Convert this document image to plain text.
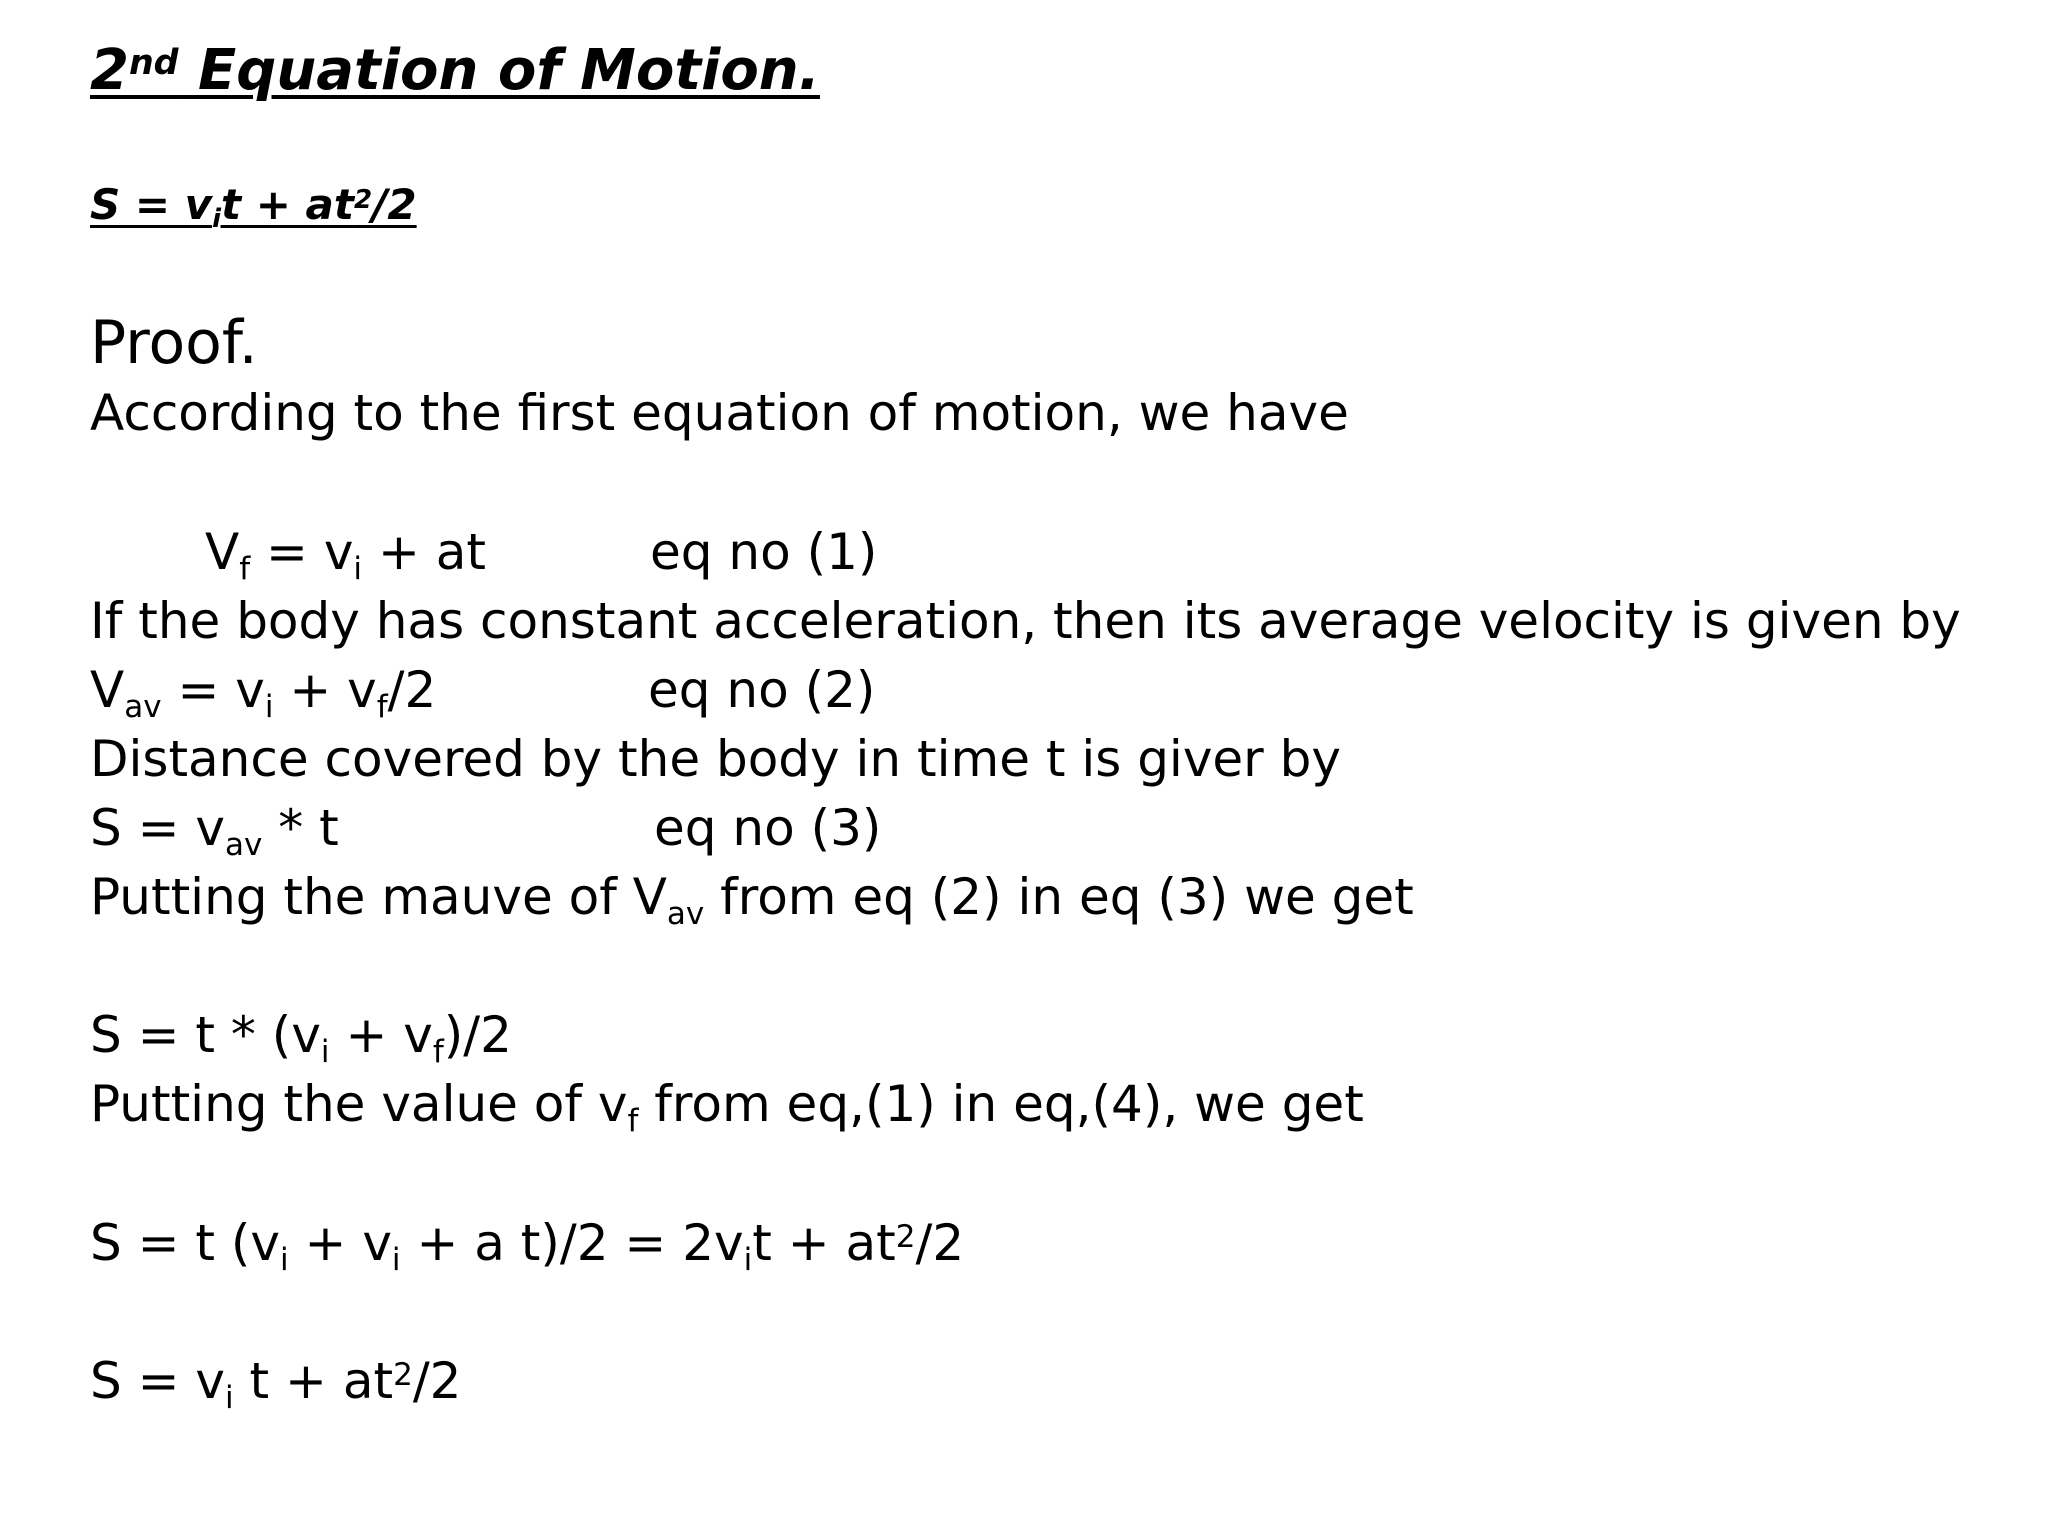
2nd Equation of Motion.
$S = v_it + at^2/2$
Proof.
According to the first equation of motion, we have
$V_f = v_i$ + at	eq no (1)
If the body has constant acceleration, then its average velocity is given by
$V_{av} = v_i + v_f/2$	eq no (2)
Distance covered by the body in time t is giver by
$S = v_{av} * t$	eq no (3)
Putting the mauve of $V_{av}$ from eq (2) in eq (3) we get
$S = t * (v_i + v_f)/2$
Putting the value of $v_f$ from eq,(1) in eq,(4), we get
S = t ($v_i + v_i + a$ $t)/2 = 2v_it + at^2/2$
$S = v_i$ $t + at^2/2$
